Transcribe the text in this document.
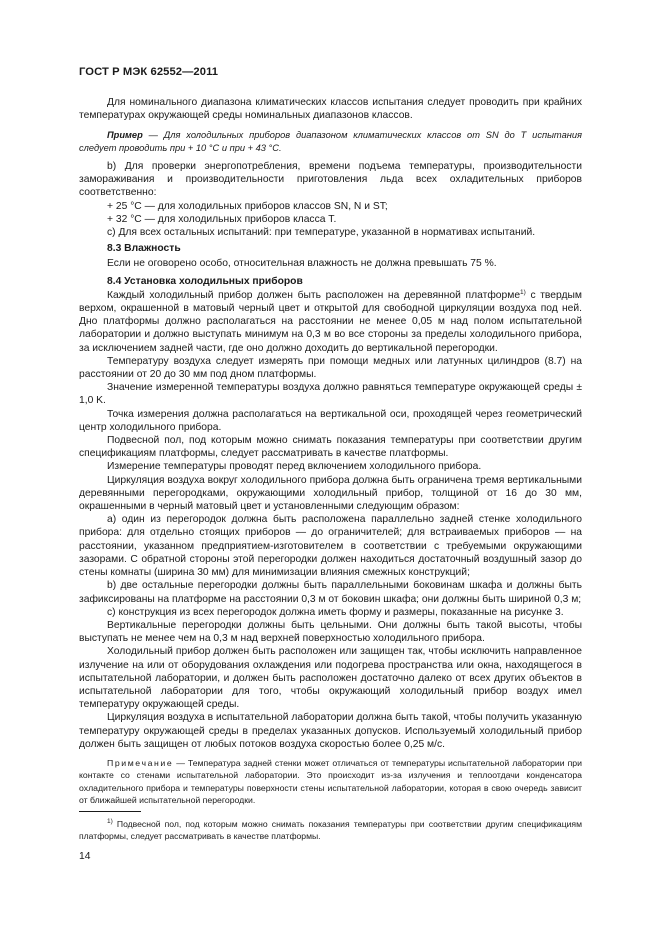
ГОСТ Р МЭК 62552—2011

Для номинального диапазона климатических классов испытания следует проводить при крайних температурах окружающей среды номинальных диапазонов классов.

Пример — Для холодильных приборов диапазоном климатических классов от SN до Т испытания следует проводить при + 10 °С и при + 43 °С.

b) Для проверки энергопотребления, времени подъема температуры, производительности замораживания и производительности приготовления льда всех охладительных приборов соответственно:

+ 25 °С — для холодильных приборов классов SN, N и ST;

+ 32 °С — для холодильных приборов класса Т.

c) Для всех остальных испытаний: при температуре, указанной в нормативах испытаний.

8.3 Влажность

Если не оговорено особо, относительная влажность не должна превышать 75 %.

8.4 Установка холодильных приборов

Каждый холодильный прибор должен быть расположен на деревянной платформе$^{1)}$ с твердым верхом, окрашенной в матовый черный цвет и открытой для свободной циркуляции воздуха под ней. Дно платформы должно располагаться на расстоянии не менее 0,05 м над полом испытательной лаборатории и должно выступать минимум на 0,3 м во все стороны за пределы холодильного прибора, за исключением задней части, где оно должно доходить до вертикальной перегородки.

Температуру воздуха следует измерять при помощи медных или латунных цилиндров (8.7) на расстоянии от 20 до 30 мм под дном платформы.

Значение измеренной температуры воздуха должно равняться температуре окружающей среды ± 1,0 K.

Точка измерения должна располагаться на вертикальной оси, проходящей через геометрический центр холодильного прибора.

Подвесной пол, под которым можно снимать показания температуры при соответствии другим спецификациям платформы, следует рассматривать в качестве платформы.

Измерение температуры проводят перед включением холодильного прибора.

Циркуляция воздуха вокруг холодильного прибора должна быть ограничена тремя вертикальными деревянными перегородками, окружающими холодильный прибор, толщиной от 16 до 30 мм, окрашенными в черный матовый цвет и установленными следующим образом:

a) один из перегородок должна быть расположена параллельно задней стенке холодильного прибора: для отдельно стоящих приборов — до ограничителей; для встраиваемых приборов — на расстоянии, указанном предприятием-изготовителем в соответствии с требуемыми окружающими зазорами. С обратной стороны этой перегородки должен находиться достаточный воздушный зазор до стены комнаты (ширина 30 мм) для минимизации влияния смежных конструкций;

b) две остальные перегородки должны быть параллельными боковинам шкафа и должны быть зафиксированы на платформе на расстоянии 0,3 м от боковин шкафа; они должны быть шириной 0,3 м;

c) конструкция из всех перегородок должна иметь форму и размеры, показанные на рисунке 3.

Вертикальные перегородки должны быть цельными. Они должны быть такой высоты, чтобы выступать не менее чем на 0,3 м над верхней поверхностью холодильного прибора.

Холодильный прибор должен быть расположен или защищен так, чтобы исключить направленное излучение на или от оборудования охлаждения или подогрева пространства или окна, находящегося в испытательной лаборатории, и должен быть расположен достаточно далеко от всех других объектов в испытательной лаборатории для того, чтобы окружающий холодильный прибор воздух имел температуру окружающей среды.

Циркуляция воздуха в испытательной лаборатории должна быть такой, чтобы получить указанную температуру окружающей среды в пределах указанных допусков. Используемый холодильный прибор должен быть защищен от любых потоков воздуха скоростью более 0,25 м/с.

Примечание — Температура задней стенки может отличаться от температуры испытательной лаборатории при контакте со стенами испытательной лаборатории. Это происходит из-за излучения и теплоотдачи конденсатора охладительного прибора и температуры поверхности стены испытательной лаборатории, которая в свою очередь зависит от ближайшей испытательной перегородки.

$^{1)}$ Подвесной пол, под которым можно снимать показания температуры при соответствии другим спецификациям платформы, следует рассматривать в качестве платформы.

14
